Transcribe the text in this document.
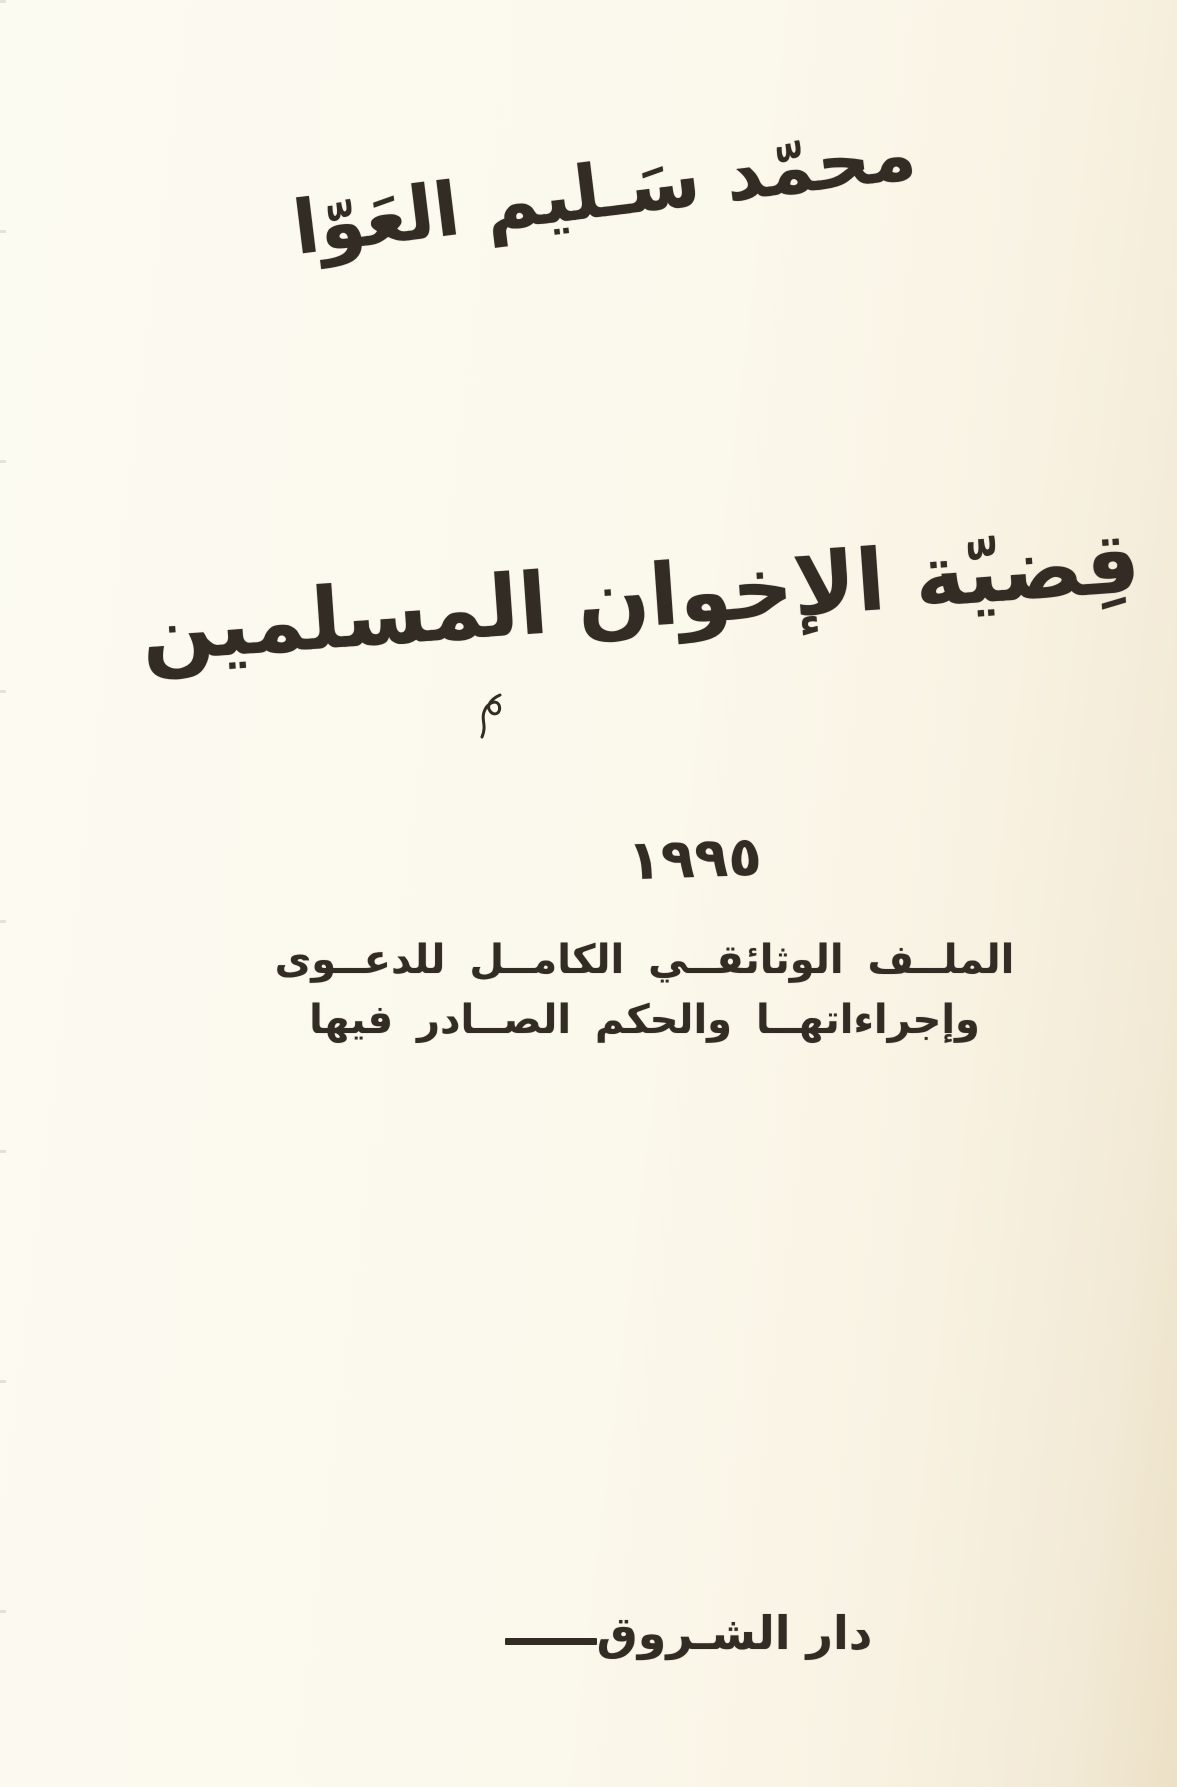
محمّد سَـليم العَوّا
قِضيّة الإخوان المسلمين
١٩٩٥
الملــف الوثائقــي الكامــل للدعــوى
وإجراءاتهــا والحكم الصــادر فيها
دار الشـروق
